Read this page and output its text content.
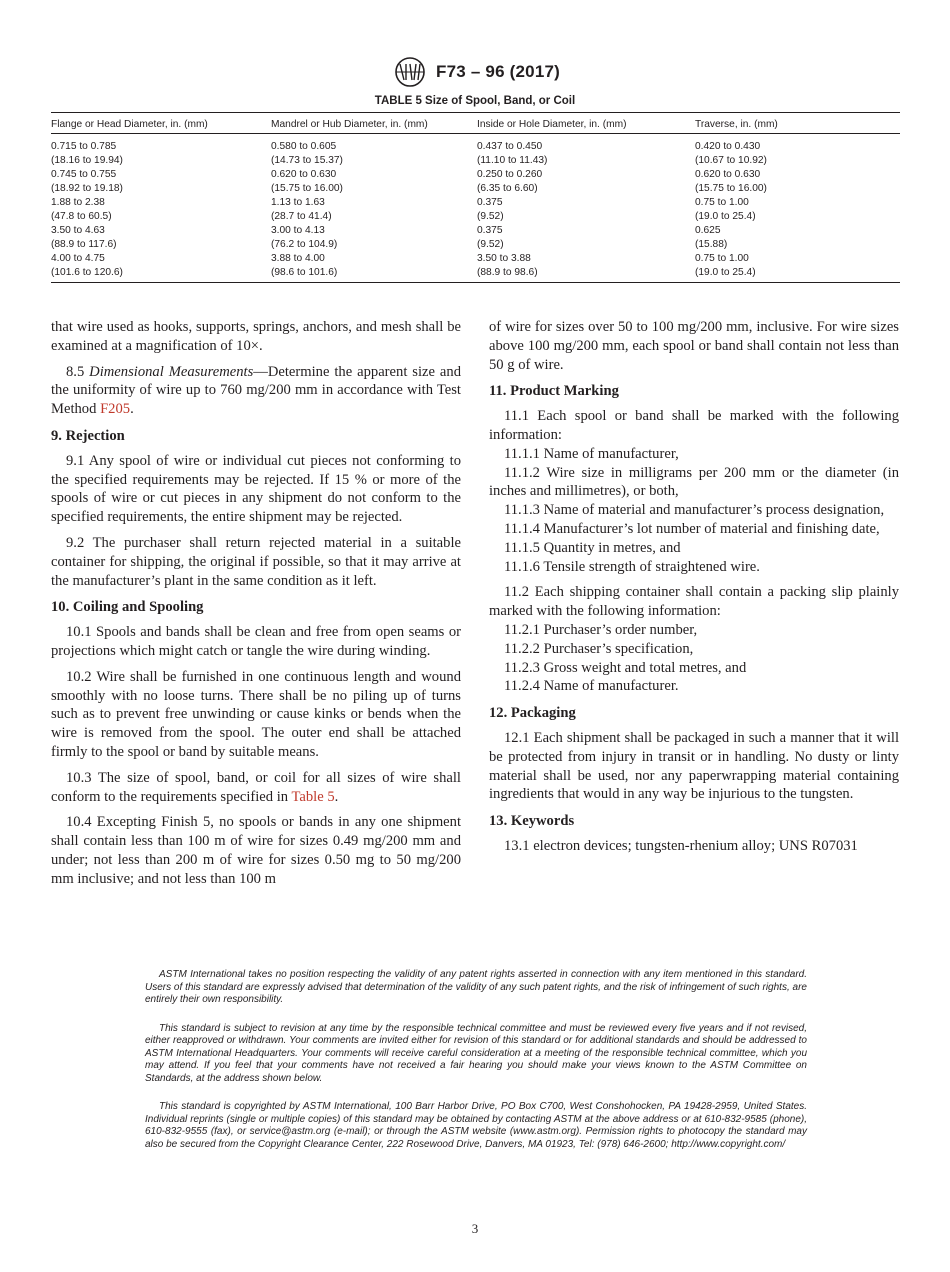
F73 – 96 (2017)
TABLE 5 Size of Spool, Band, or Coil
Flange or Head Diameter, in. (mm)	Mandrel or Hub Diameter, in. (mm)	Inside or Hole Diameter, in. (mm)	Traverse, in. (mm)
0.715 to 0.785	0.580 to 0.605	0.437 to 0.450	0.420 to 0.430
(18.16 to 19.94)	(14.73 to 15.37)	(11.10 to 11.43)	(10.67 to 10.92)
0.745 to 0.755	0.620 to 0.630	0.250 to 0.260	0.620 to 0.630
(18.92 to 19.18)	(15.75 to 16.00)	(6.35 to 6.60)	(15.75 to 16.00)
1.88 to 2.38	1.13 to 1.63	0.375	0.75 to 1.00
(47.8 to 60.5)	(28.7 to 41.4)	(9.52)	(19.0 to 25.4)
3.50 to 4.63	3.00 to 4.13	0.375	0.625
(88.9 to 117.6)	(76.2 to 104.9)	(9.52)	(15.88)
4.00 to 4.75	3.88 to 4.00	3.50 to 3.88	0.75 to 1.00
(101.6 to 120.6)	(98.6 to 101.6)	(88.9 to 98.6)	(19.0 to 25.4)

that wire used as hooks, supports, springs, anchors, and mesh shall be examined at a magnification of 10×.

8.5 Dimensional Measurements—Determine the apparent size and the uniformity of wire up to 760 mg/200 mm in accordance with Test Method F205.

9. Rejection

9.1 Any spool of wire or individual cut pieces not conforming to the specified requirements may be rejected. If 15 % or more of the spools of wire or cut pieces in any shipment do not conform to the specified requirements, the entire shipment may be rejected.

9.2 The purchaser shall return rejected material in a suitable container for shipping, the original if possible, so that it may arrive at the manufacturer’s plant in the same condition as it left.

10. Coiling and Spooling

10.1 Spools and bands shall be clean and free from open seams or projections which might catch or tangle the wire during winding.

10.2 Wire shall be furnished in one continuous length and wound smoothly with no loose turns. There shall be no piling up of turns such as to prevent free unwinding or cause kinks or bends when the wire is removed from the spool. The outer end shall be attached firmly to the spool or band by suitable means.

10.3 The size of spool, band, or coil for all sizes of wire shall conform to the requirements specified in Table 5.

10.4 Excepting Finish 5, no spools or bands in any one shipment shall contain less than 100 m of wire for sizes 0.49 mg/200 mm and under; not less than 200 m of wire for sizes 0.50 mg to 50 mg/200 mm inclusive; and not less than 100 m

of wire for sizes over 50 to 100 mg/200 mm, inclusive. For wire sizes above 100 mg/200 mm, each spool or band shall contain not less than 50 g of wire.

11. Product Marking

11.1 Each spool or band shall be marked with the following information:

11.1.1 Name of manufacturer,

11.1.2 Wire size in milligrams per 200 mm or the diameter (in inches and millimetres), or both,

11.1.3 Name of material and manufacturer’s process designation,

11.1.4 Manufacturer’s lot number of material and finishing date,

11.1.5 Quantity in metres, and

11.1.6 Tensile strength of straightened wire.

11.2 Each shipping container shall contain a packing slip plainly marked with the following information:

11.2.1 Purchaser’s order number,

11.2.2 Purchaser’s specification,

11.2.3 Gross weight and total metres, and

11.2.4 Name of manufacturer.

12. Packaging

12.1 Each shipment shall be packaged in such a manner that it will be protected from injury in transit or in handling. No dusty or linty material shall be used, nor any paperwrapping material containing ingredients that would in any way be injurious to the tungsten.

13. Keywords

13.1 electron devices; tungsten-rhenium alloy; UNS R07031

ASTM International takes no position respecting the validity of any patent rights asserted in connection with any item mentioned in this standard. Users of this standard are expressly advised that determination of the validity of any such patent rights, and the risk of infringement of such rights, are entirely their own responsibility.

This standard is subject to revision at any time by the responsible technical committee and must be reviewed every five years and if not revised, either reapproved or withdrawn. Your comments are invited either for revision of this standard or for additional standards and should be addressed to ASTM International Headquarters. Your comments will receive careful consideration at a meeting of the responsible technical committee, which you may attend. If you feel that your comments have not received a fair hearing you should make your views known to the ASTM Committee on Standards, at the address shown below.

This standard is copyrighted by ASTM International, 100 Barr Harbor Drive, PO Box C700, West Conshohocken, PA 19428-2959, United States. Individual reprints (single or multiple copies) of this standard may be obtained by contacting ASTM at the above address or at 610-832-9585 (phone), 610-832-9555 (fax), or service@astm.org (e-mail); or through the ASTM website (www.astm.org). Permission rights to photocopy the standard may also be secured from the Copyright Clearance Center, 222 Rosewood Drive, Danvers, MA 01923, Tel: (978) 646-2600; http://www.copyright.com/

3
